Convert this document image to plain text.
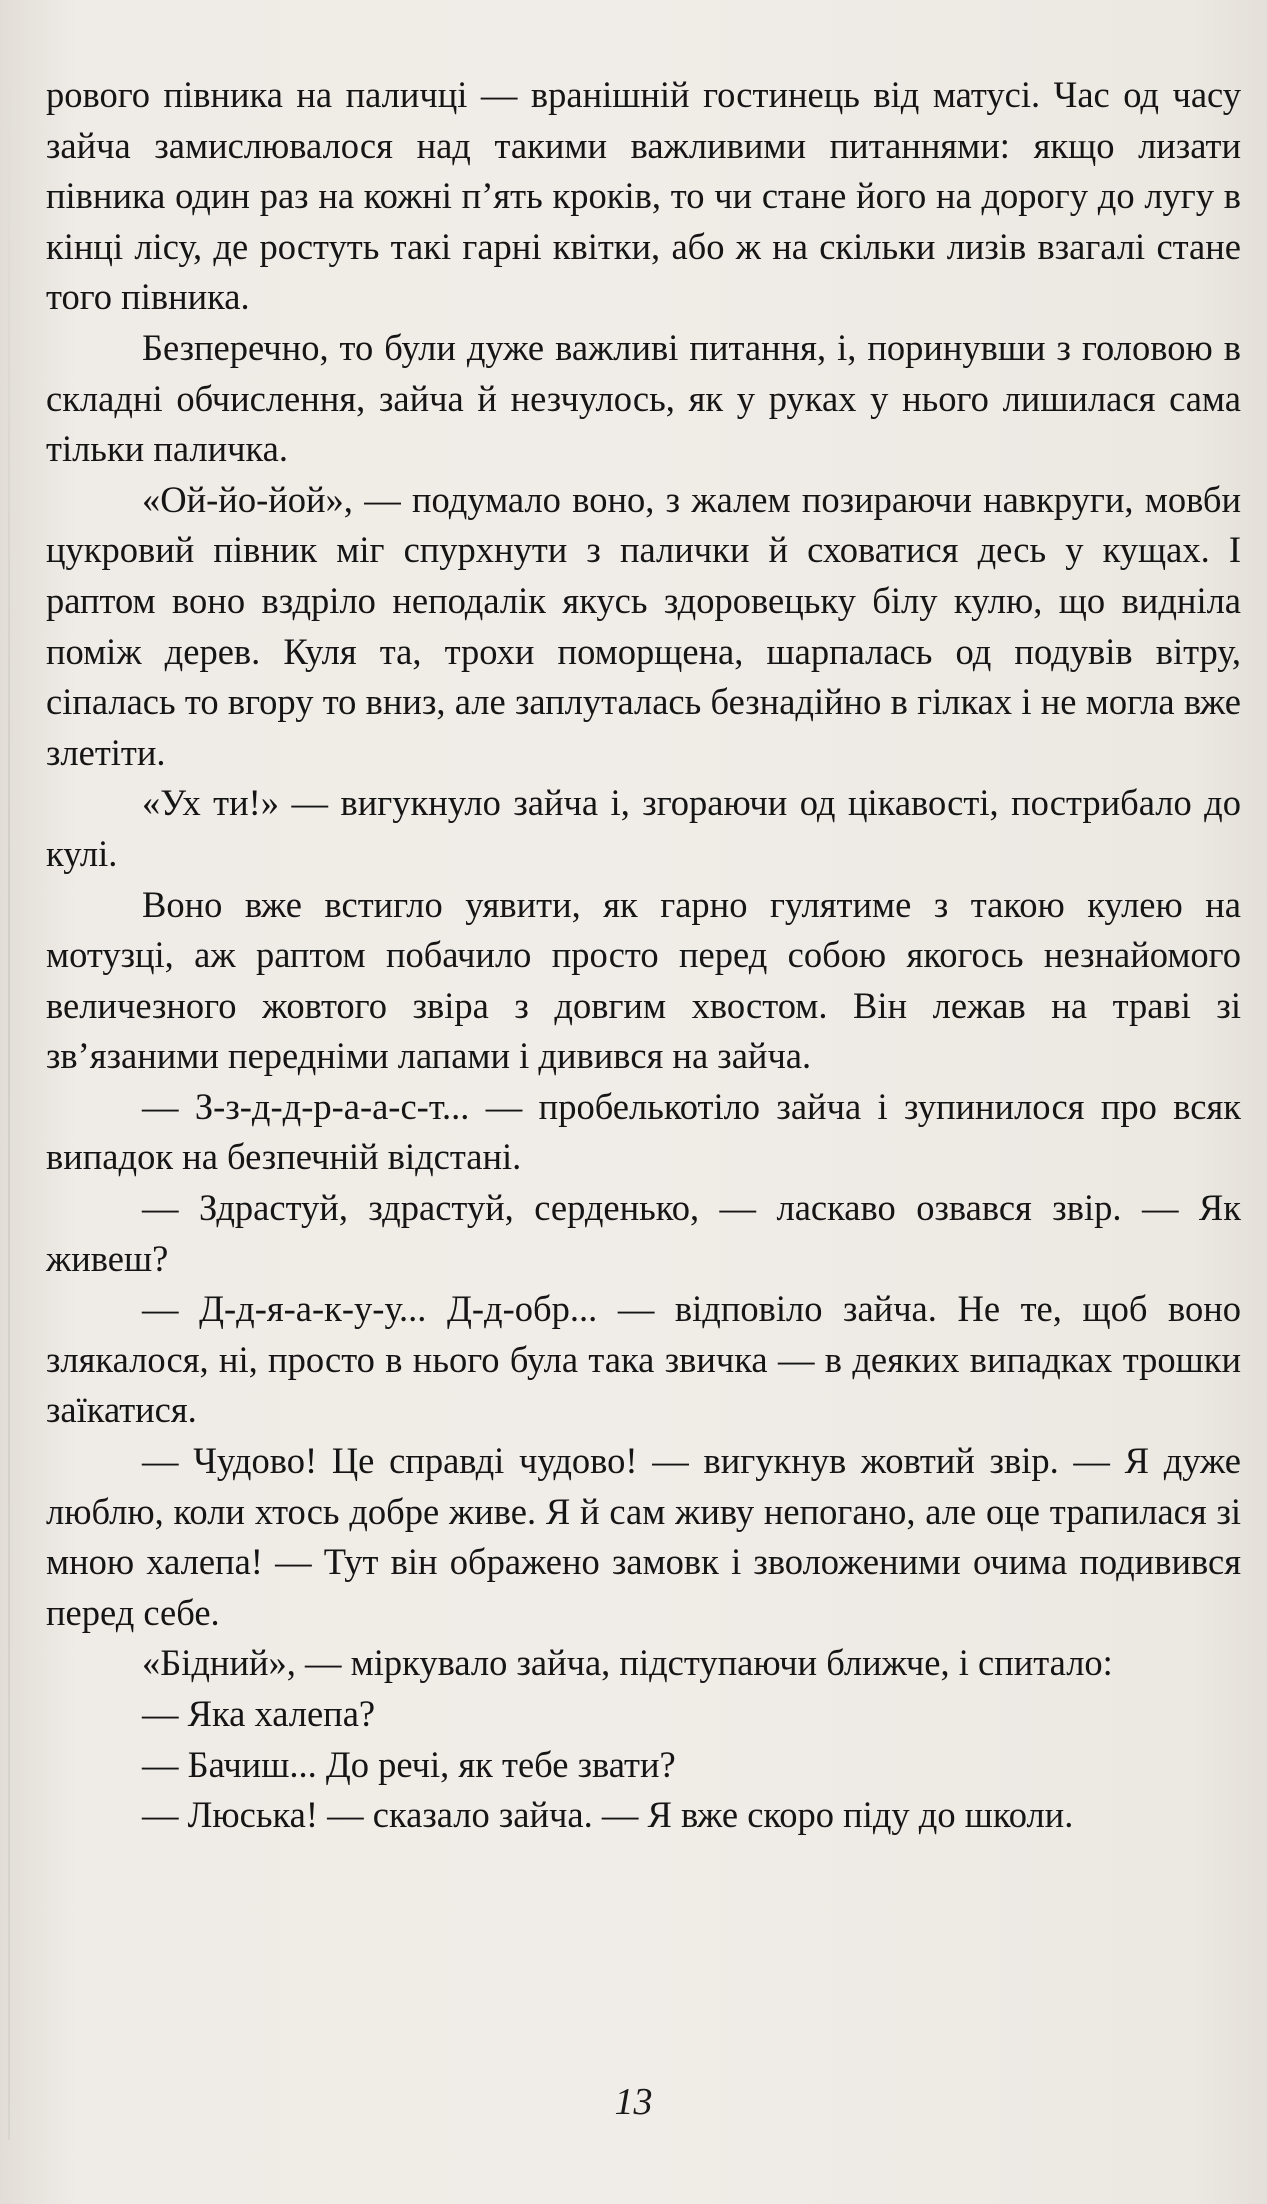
рового півника на паличці — вранішній гостинець від матусі. Час од часу зайча замислювалося над такими важливими питаннями: якщо лизати півника один раз на кожні п’ять кроків, то чи стане його на дорогу до лугу в кінці лісу, де ростуть такі гарні квітки, або ж на скільки лизів взагалі стане того півника.

Безперечно, то були дуже важливі питання, і, поринувши з головою в складні обчислення, зайча й незчулось, як у руках у нього лишилася сама тільки паличка.

«Ой-йо-йой», — подумало воно, з жалем позираючи навкруги, мовби цукровий півник міг спурхнути з палички й сховатися десь у кущах. І раптом воно вздріло неподалік якусь здоровецьку білу кулю, що видніла поміж дерев. Куля та, трохи поморщена, шарпалась од подувів вітру, сіпалась то вгору то вниз, але заплуталась безнадійно в гілках і не могла вже злетіти.

«Ух ти!» — вигукнуло зайча і, згораючи од цікавості, пострибало до кулі.

Воно вже встигло уявити, як гарно гулятиме з такою кулею на мотузці, аж раптом побачило просто перед собою якогось незнайомого величезного жовтого звіра з довгим хвостом. Він лежав на траві зі зв’язаними передніми лапами і дивився на зайча.

— З-з-д-д-р-а-а-с-т... — пробелькотіло зайча і зупинилося про всяк випадок на безпечній відстані.

— Здрастуй, здрастуй, серденько, — ласкаво озвався звір. — Як живеш?

— Д-д-я-а-к-у-у... Д-д-обр... — відповіло зайча. Не те, щоб воно злякалося, ні, просто в нього була така звичка — в деяких випадках трошки заїкатися.

— Чудово! Це справді чудово! — вигукнув жовтий звір. — Я дуже люблю, коли хтось добре живе. Я й сам живу непогано, але оце трапилася зі мною халепа! — Тут він ображено замовк і зволоженими очима подивився перед себе.

«Бідний», — міркувало зайча, підступаючи ближче, і спитало:

— Яка халепа?

— Бачиш... До речі, як тебе звати?

— Люська! — сказало зайча. — Я вже скоро піду до школи.

13
